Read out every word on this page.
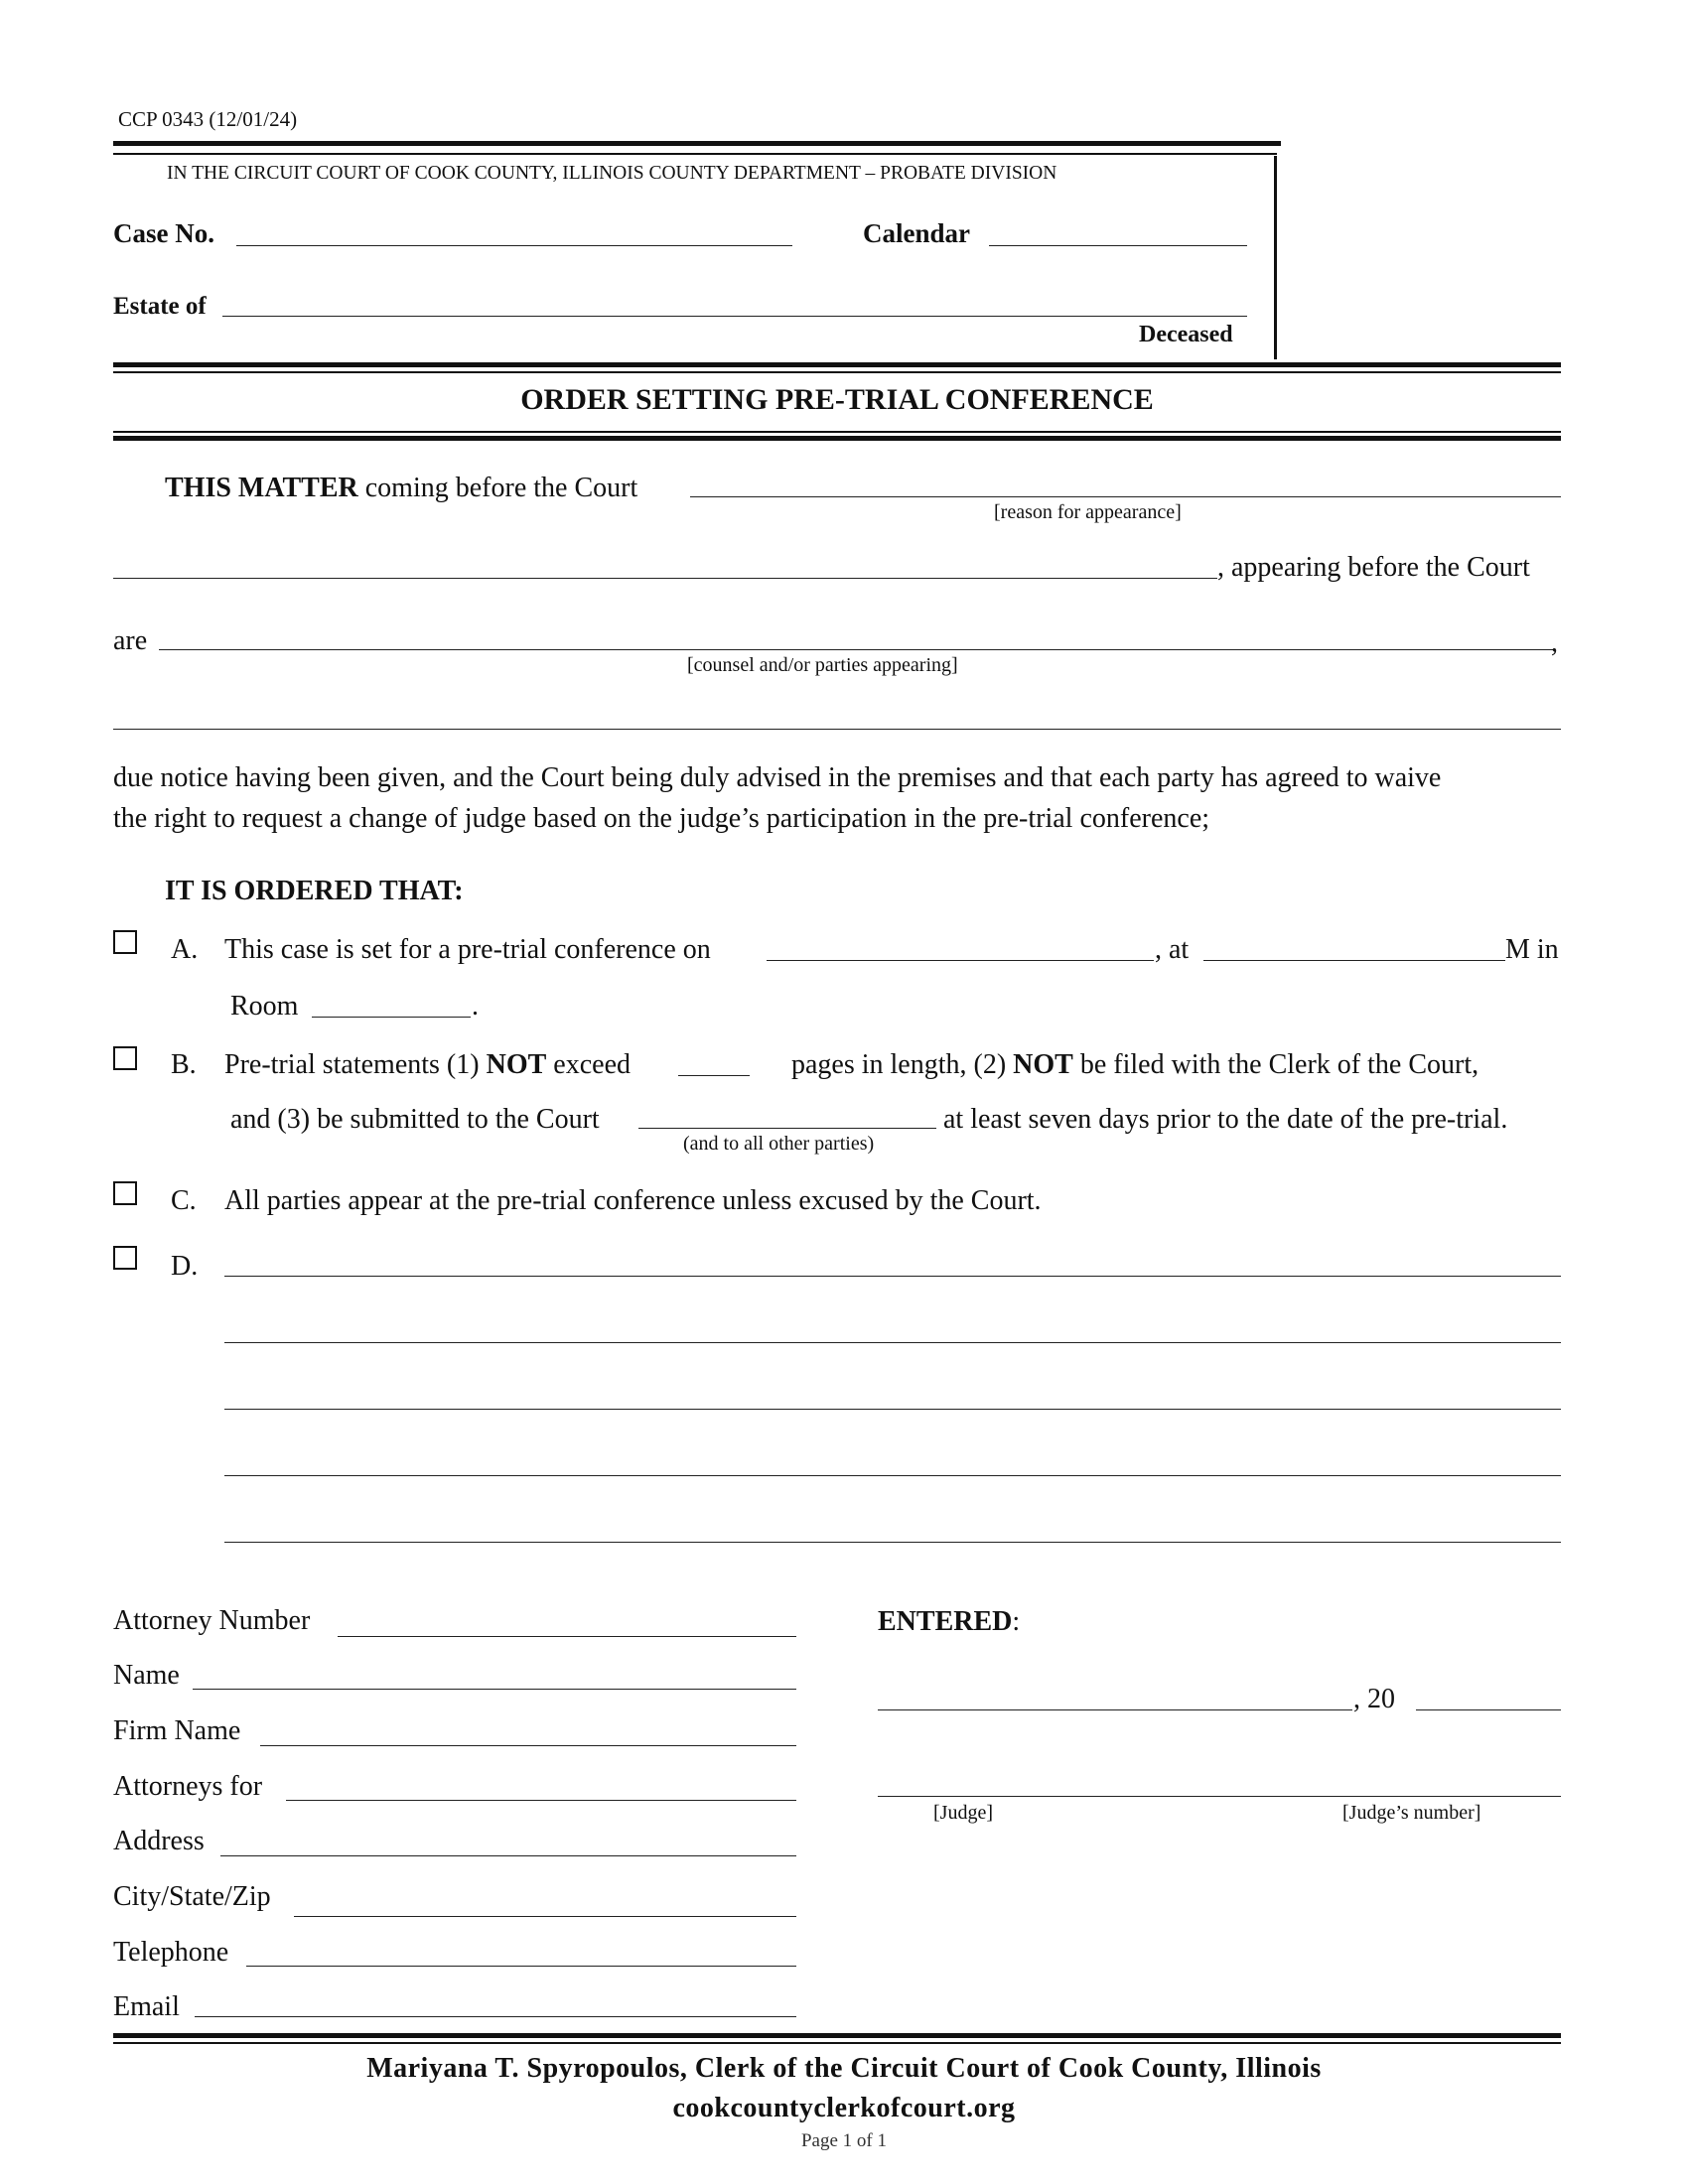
CCP 0343 (12/01/24)
IN THE CIRCUIT COURT OF COOK COUNTY, ILLINOIS COUNTY DEPARTMENT – PROBATE DIVISION
Case No.	Calendar
Estate of
Deceased
ORDER SETTING PRE-TRIAL CONFERENCE
THIS MATTER coming before the Court
[reason for appearance]
, appearing before the Court
are	,
[counsel and/or parties appearing]
due notice having been given, and the Court being duly advised in the premises and that each party has agreed to waive
the right to request a change of judge based on the judge’s participation in the pre-trial conference;
IT IS ORDERED THAT:
A. This case is set for a pre-trial conference on	, at	M in
Room	.
B. Pre-trial statements (1) NOT exceed	pages in length, (2) NOT be filed with the Clerk of the Court,
and (3) be submitted to the Court	at least seven days prior to the date of the pre-trial.
(and to all other parties)
C. All parties appear at the pre-trial conference unless excused by the Court.
D.
Attorney Number
Name
Firm Name
Attorneys for
Address
City/State/Zip
Telephone
Email
ENTERED:
, 20
[Judge]	[Judge’s number]
Mariyana T. Spyropoulos, Clerk of the Circuit Court of Cook County, Illinois
cookcountyclerkofcourt.org
Page 1 of 1
